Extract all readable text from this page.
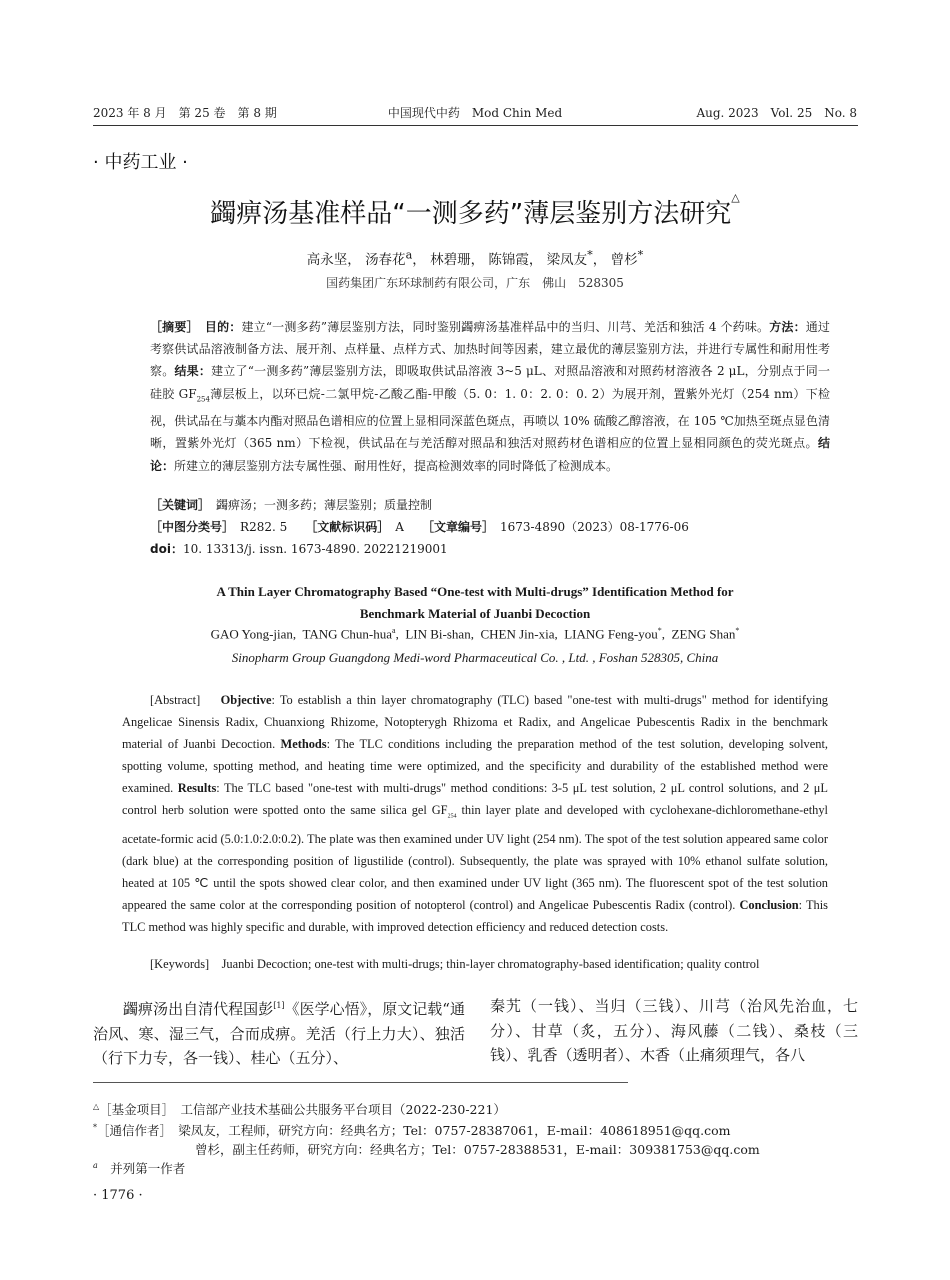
2023 年 8 月　第 25 卷　第 8 期	中国现代中药　Mod Chin Med	Aug. 2023　Vol. 25　No. 8
· 中药工业 ·
蠲痹汤基准样品“一测多药”薄层鉴别方法研究△
高永坚， 汤春花$^a$， 林碧珊， 陈锦霞， 梁凤友*， 曾杉*
国药集团广东环球制药有限公司，广东　佛山　528305
［摘要］　 目的：建立“一测多药”薄层鉴别方法，同时鉴别蠲痹汤基准样品中的当归、川芎、羌活和独活 4 个药味。方法：通过考察供试品溶液制备方法、展开剂、点样量、点样方式、加热时间等因素，建立最优的薄层鉴别方法，并进行专属性和耐用性考察。结果：建立了“一测多药”薄层鉴别方法，即吸取供试品溶液 3~5 μL、对照品溶液和对照药材溶液各 2 μL，分别点于同一硅胶 $GF_{254}$薄层板上，以环已烷-二氯甲烷-乙酸乙酯-甲酸（5. 0：1. 0：2. 0：0. 2）为展开剂，置紫外光灯（254 nm）下检视，供试品在与藁本内酯对照品色谱相应的位置上显相同深蓝色斑点，再喷以 10% 硫酸乙醇溶液，在 105 ℃加热至斑点显色清晰，置紫外光灯（365 nm）下检视，供试品在与羌活醇对照品和独活对照药材色谱相应的位置上显相同颜色的荧光斑点。结论：所建立的薄层鉴别方法专属性强、耐用性好，提高检测效率的同时降低了检测成本。
［关键词］　 蠲痹汤；一测多药；薄层鉴别；质量控制
［中图分类号］　 R282. 5　　 ［文献标识码］　 A　　 ［文章编号］　 1673-4890（2023）08-1776-06
doi：10. 13313/j. issn. 1673-4890. 20221219001
A Thin Layer Chromatography Based “One-test with Multi-drugs” Identification Method for
Benchmark Material of Juanbi Decoction
GAO Yong-jian,  TANG Chun-hua$^a$,  LIN Bi-shan,  CHEN Jin-xia,  LIANG Feng-you*,  ZENG Shan*
Sinopharm Group Guangdong Medi-word Pharmaceutical Co. , Ltd. , Foshan 528305, China
[Abstract] Objective: To establish a thin layer chromatography (TLC) based "one-test with multi-drugs" method for identifying Angelicae Sinensis Radix, Chuanxiong Rhizome, Notopterygh Rhizoma et Radix, and Angelicae Pubescentis Radix in the benchmark material of Juanbi Decoction. Methods: The TLC conditions including the preparation method of the test solution, developing solvent, spotting volume, spotting method, and heating time were optimized, and the specificity and durability of the established method were examined. Results: The TLC based "one-test with multi-drugs" method conditions: 3-5 μL test solution, 2 μL control solutions, and 2 μL control herb solution were spotted onto the same silica gel $GF_{254}$ thin layer plate and developed with cyclohexane-dichloromethane-ethyl acetate-formic acid (5.0:1.0:2.0:0.2). The plate was then examined under UV light (254 nm). The spot of the test solution appeared same color (dark blue) at the corresponding position of ligustilide (control). Subsequently, the plate was sprayed with 10% ethanol sulfate solution, heated at 105 ℃ until the spots showed clear color, and then examined under UV light (365 nm). The fluorescent spot of the test solution appeared the same color at the corresponding position of notopterol (control) and Angelicae Pubescentis Radix (control). Conclusion: This TLC method was highly specific and durable, with improved detection efficiency and reduced detection costs.
[Keywords] Juanbi Decoction; one-test with multi-drugs; thin-layer chromatography-based identification; quality control
蠲痹汤出自清代程国彭[1]《医学心悟》，原文记载“通治风、寒、湿三气，合而成痹。羌活（行上力大）、独活（行下力专，各一钱）、桂心（五分）、
秦艽（一钱）、当归（三钱）、川芎（治风先治血，七分）、甘草（炙，五分）、海风藤（二钱）、桑枝（三钱）、乳香（透明者）、木香（止痛须理气，各八
△［基金项目］　 工信部产业技术基础公共服务平台项目（2022-230-221）
*［通信作者］　 梁凤友，工程师，研究方向：经典名方；Tel：0757-28387061，E-mail：408618951@qq.com
曾杉，副主任药师，研究方向：经典名方；Tel：0757-28388531，E-mail：309381753@qq.com
$^a$　 并列第一作者
· 1776 ·
